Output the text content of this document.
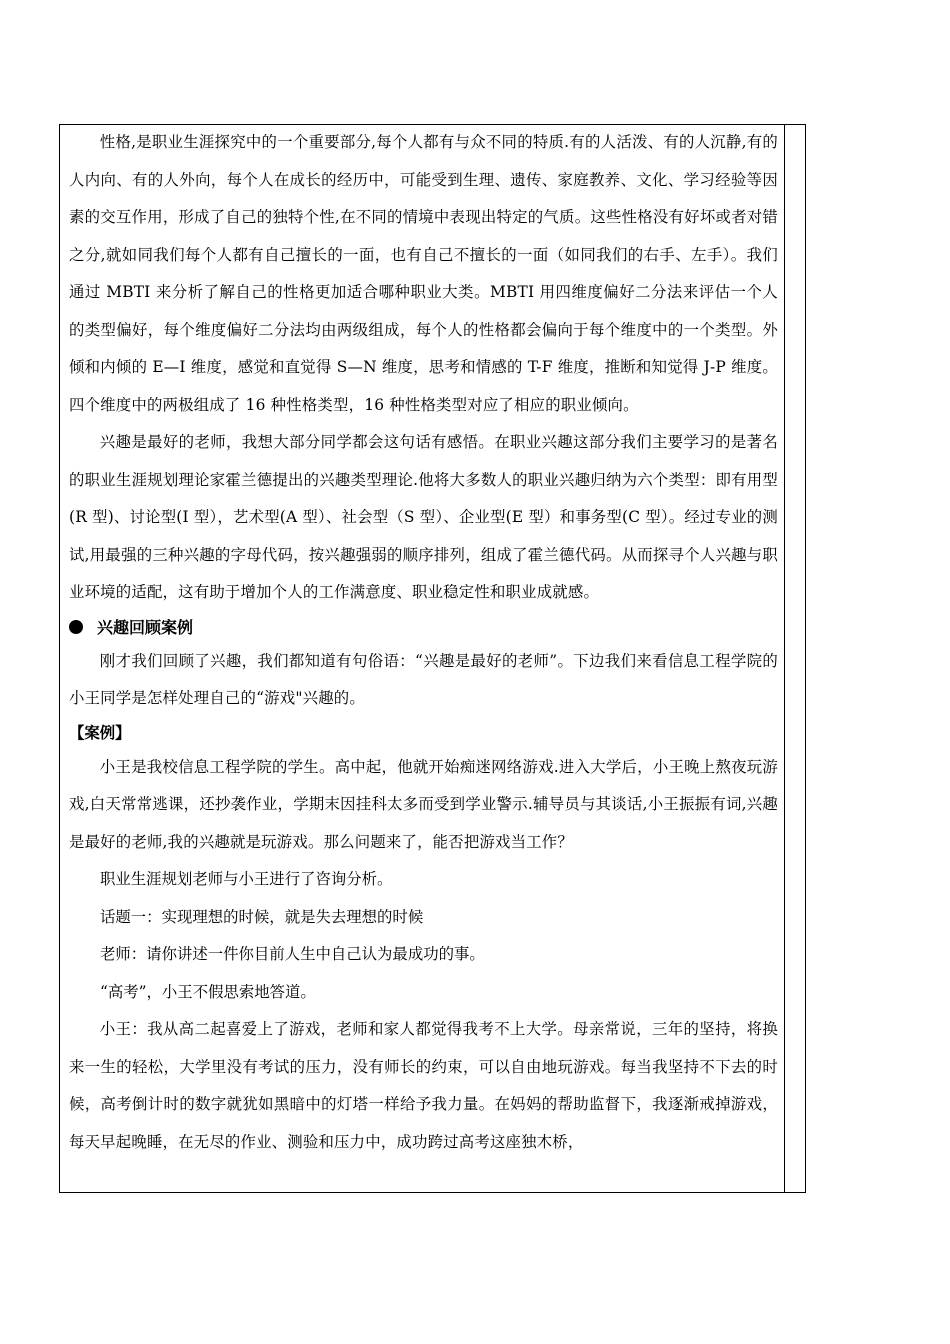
性格,是职业生涯探究中的一个重要部分,每个人都有与众不同的特质.有的人活泼、有的人沉静,有的人内向、有的人外向，每个人在成长的经历中，可能受到生理、遗传、家庭教养、文化、学习经验等因素的交互作用，形成了自己的独特个性,在不同的情境中表现出特定的气质。这些性格没有好坏或者对错之分,就如同我们每个人都有自己擅长的一面，也有自己不擅长的一面（如同我们的右手、左手）。我们通过 MBTI 来分析了解自己的性格更加适合哪种职业大类。MBTI 用四维度偏好二分法来评估一个人的类型偏好，每个维度偏好二分法均由两级组成，每个人的性格都会偏向于每个维度中的一个类型。外倾和内倾的 E—I 维度，感觉和直觉得 S—N 维度，思考和情感的 T-F 维度，推断和知觉得 J-P 维度。四个维度中的两极组成了 16 种性格类型，16 种性格类型对应了相应的职业倾向。

兴趣是最好的老师，我想大部分同学都会这句话有感悟。在职业兴趣这部分我们主要学习的是著名的职业生涯规划理论家霍兰德提出的兴趣类型理论.他将大多数人的职业兴趣归纳为六个类型：即有用型(R 型)、讨论型(I 型），艺术型(A 型）、社会型（S 型）、企业型(E 型）和事务型(C 型）。经过专业的测试,用最强的三种兴趣的字母代码，按兴趣强弱的顺序排列，组成了霍兰德代码。从而探寻个人兴趣与职业环境的适配，这有助于增加个人的工作满意度、职业稳定性和职业成就感。

兴趣回顾案例

刚才我们回顾了兴趣，我们都知道有句俗语：“兴趣是最好的老师”。下边我们来看信息工程学院的小王同学是怎样处理自己的“游戏"兴趣的。

【案例】

小王是我校信息工程学院的学生。高中起，他就开始痴迷网络游戏.进入大学后，小王晚上熬夜玩游戏,白天常常逃课，还抄袭作业，学期末因挂科太多而受到学业警示.辅导员与其谈话,小王振振有词,兴趣是最好的老师,我的兴趣就是玩游戏。那么问题来了，能否把游戏当工作？

职业生涯规划老师与小王进行了咨询分析。

话题一：实现理想的时候，就是失去理想的时候

老师：请你讲述一件你目前人生中自己认为最成功的事。

“高考”，小王不假思索地答道。

小王：我从高二起喜爱上了游戏，老师和家人都觉得我考不上大学。母亲常说，三年的坚持，将换来一生的轻松，大学里没有考试的压力，没有师长的约束，可以自由地玩游戏。每当我坚持不下去的时候，高考倒计时的数字就犹如黑暗中的灯塔一样给予我力量。在妈妈的帮助监督下，我逐渐戒掉游戏，每天早起晚睡，在无尽的作业、测验和压力中，成功跨过高考这座独木桥，
